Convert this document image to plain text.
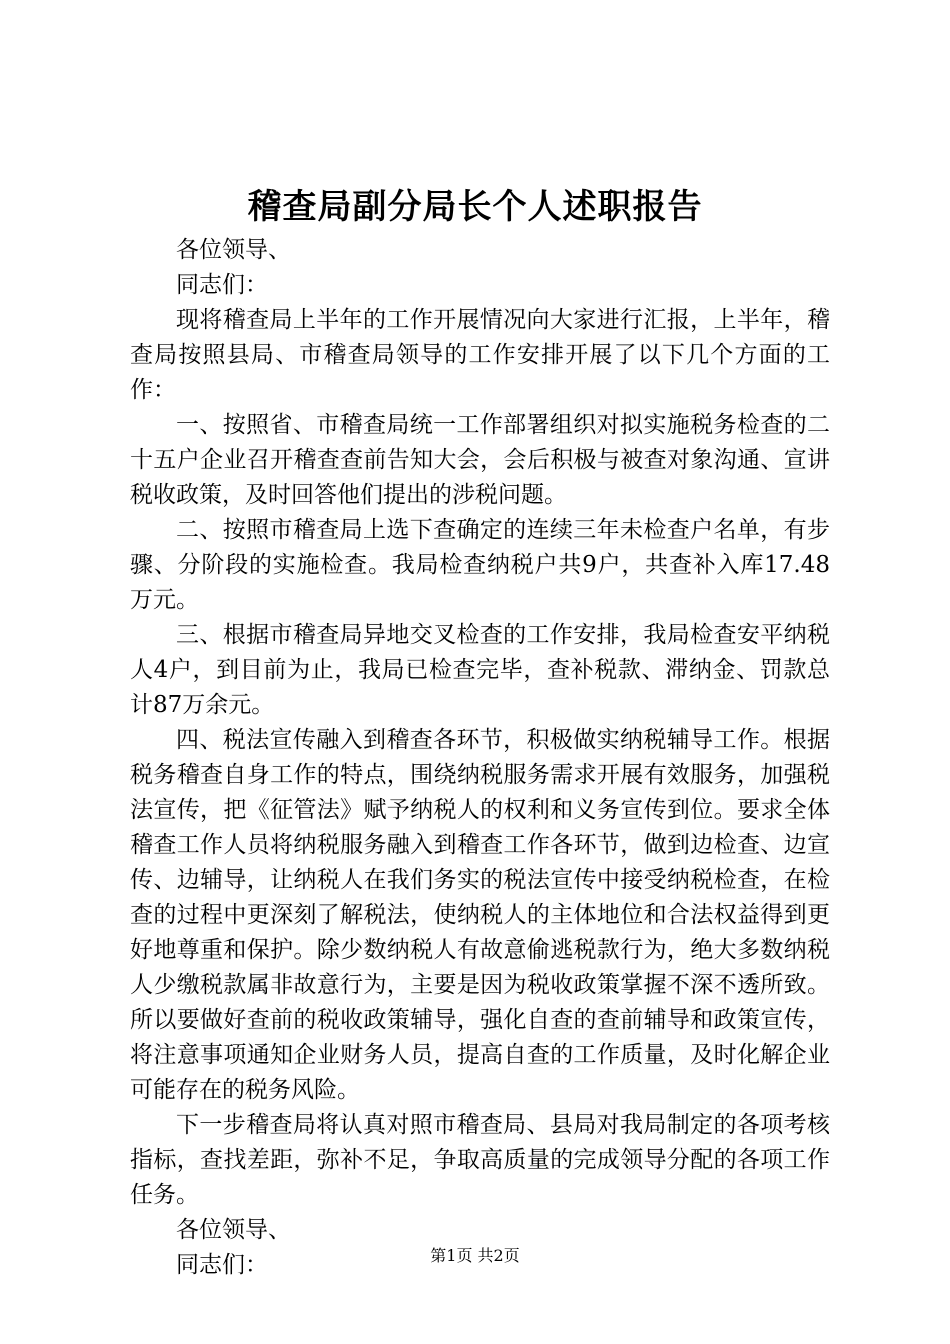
稽查局副分局长个人述职报告

各位领导、

同志们：

现将稽查局上半年的工作开展情况向大家进行汇报，上半年，稽查局按照县局、市稽查局领导的工作安排开展了以下几个方面的工作：

一、按照省、市稽查局统一工作部署组织对拟实施税务检查的二十五户企业召开稽查查前告知大会，会后积极与被查对象沟通、宣讲税收政策，及时回答他们提出的涉税问题。

二、按照市稽查局上选下查确定的连续三年未检查户名单，有步骤、分阶段的实施检查。我局检查纳税户共9户，共查补入库17.48万元。

三、根据市稽查局异地交叉检查的工作安排，我局检查安平纳税人4户，到目前为止，我局已检查完毕，查补税款、滞纳金、罚款总计87万余元。

四、税法宣传融入到稽查各环节，积极做实纳税辅导工作。根据税务稽查自身工作的特点，围绕纳税服务需求开展有效服务，加强税法宣传，把《征管法》赋予纳税人的权利和义务宣传到位。要求全体稽查工作人员将纳税服务融入到稽查工作各环节，做到边检查、边宣传、边辅导，让纳税人在我们务实的税法宣传中接受纳税检查，在检查的过程中更深刻了解税法，使纳税人的主体地位和合法权益得到更好地尊重和保护。除少数纳税人有故意偷逃税款行为，绝大多数纳税人少缴税款属非故意行为，主要是因为税收政策掌握不深不透所致。所以要做好查前的税收政策辅导，强化自查的查前辅导和政策宣传，将注意事项通知企业财务人员，提高自查的工作质量，及时化解企业可能存在的税务风险。

下一步稽查局将认真对照市稽查局、县局对我局制定的各项考核指标，查找差距，弥补不足，争取高质量的完成领导分配的各项工作任务。

各位领导、

同志们：	第1页 共2页
